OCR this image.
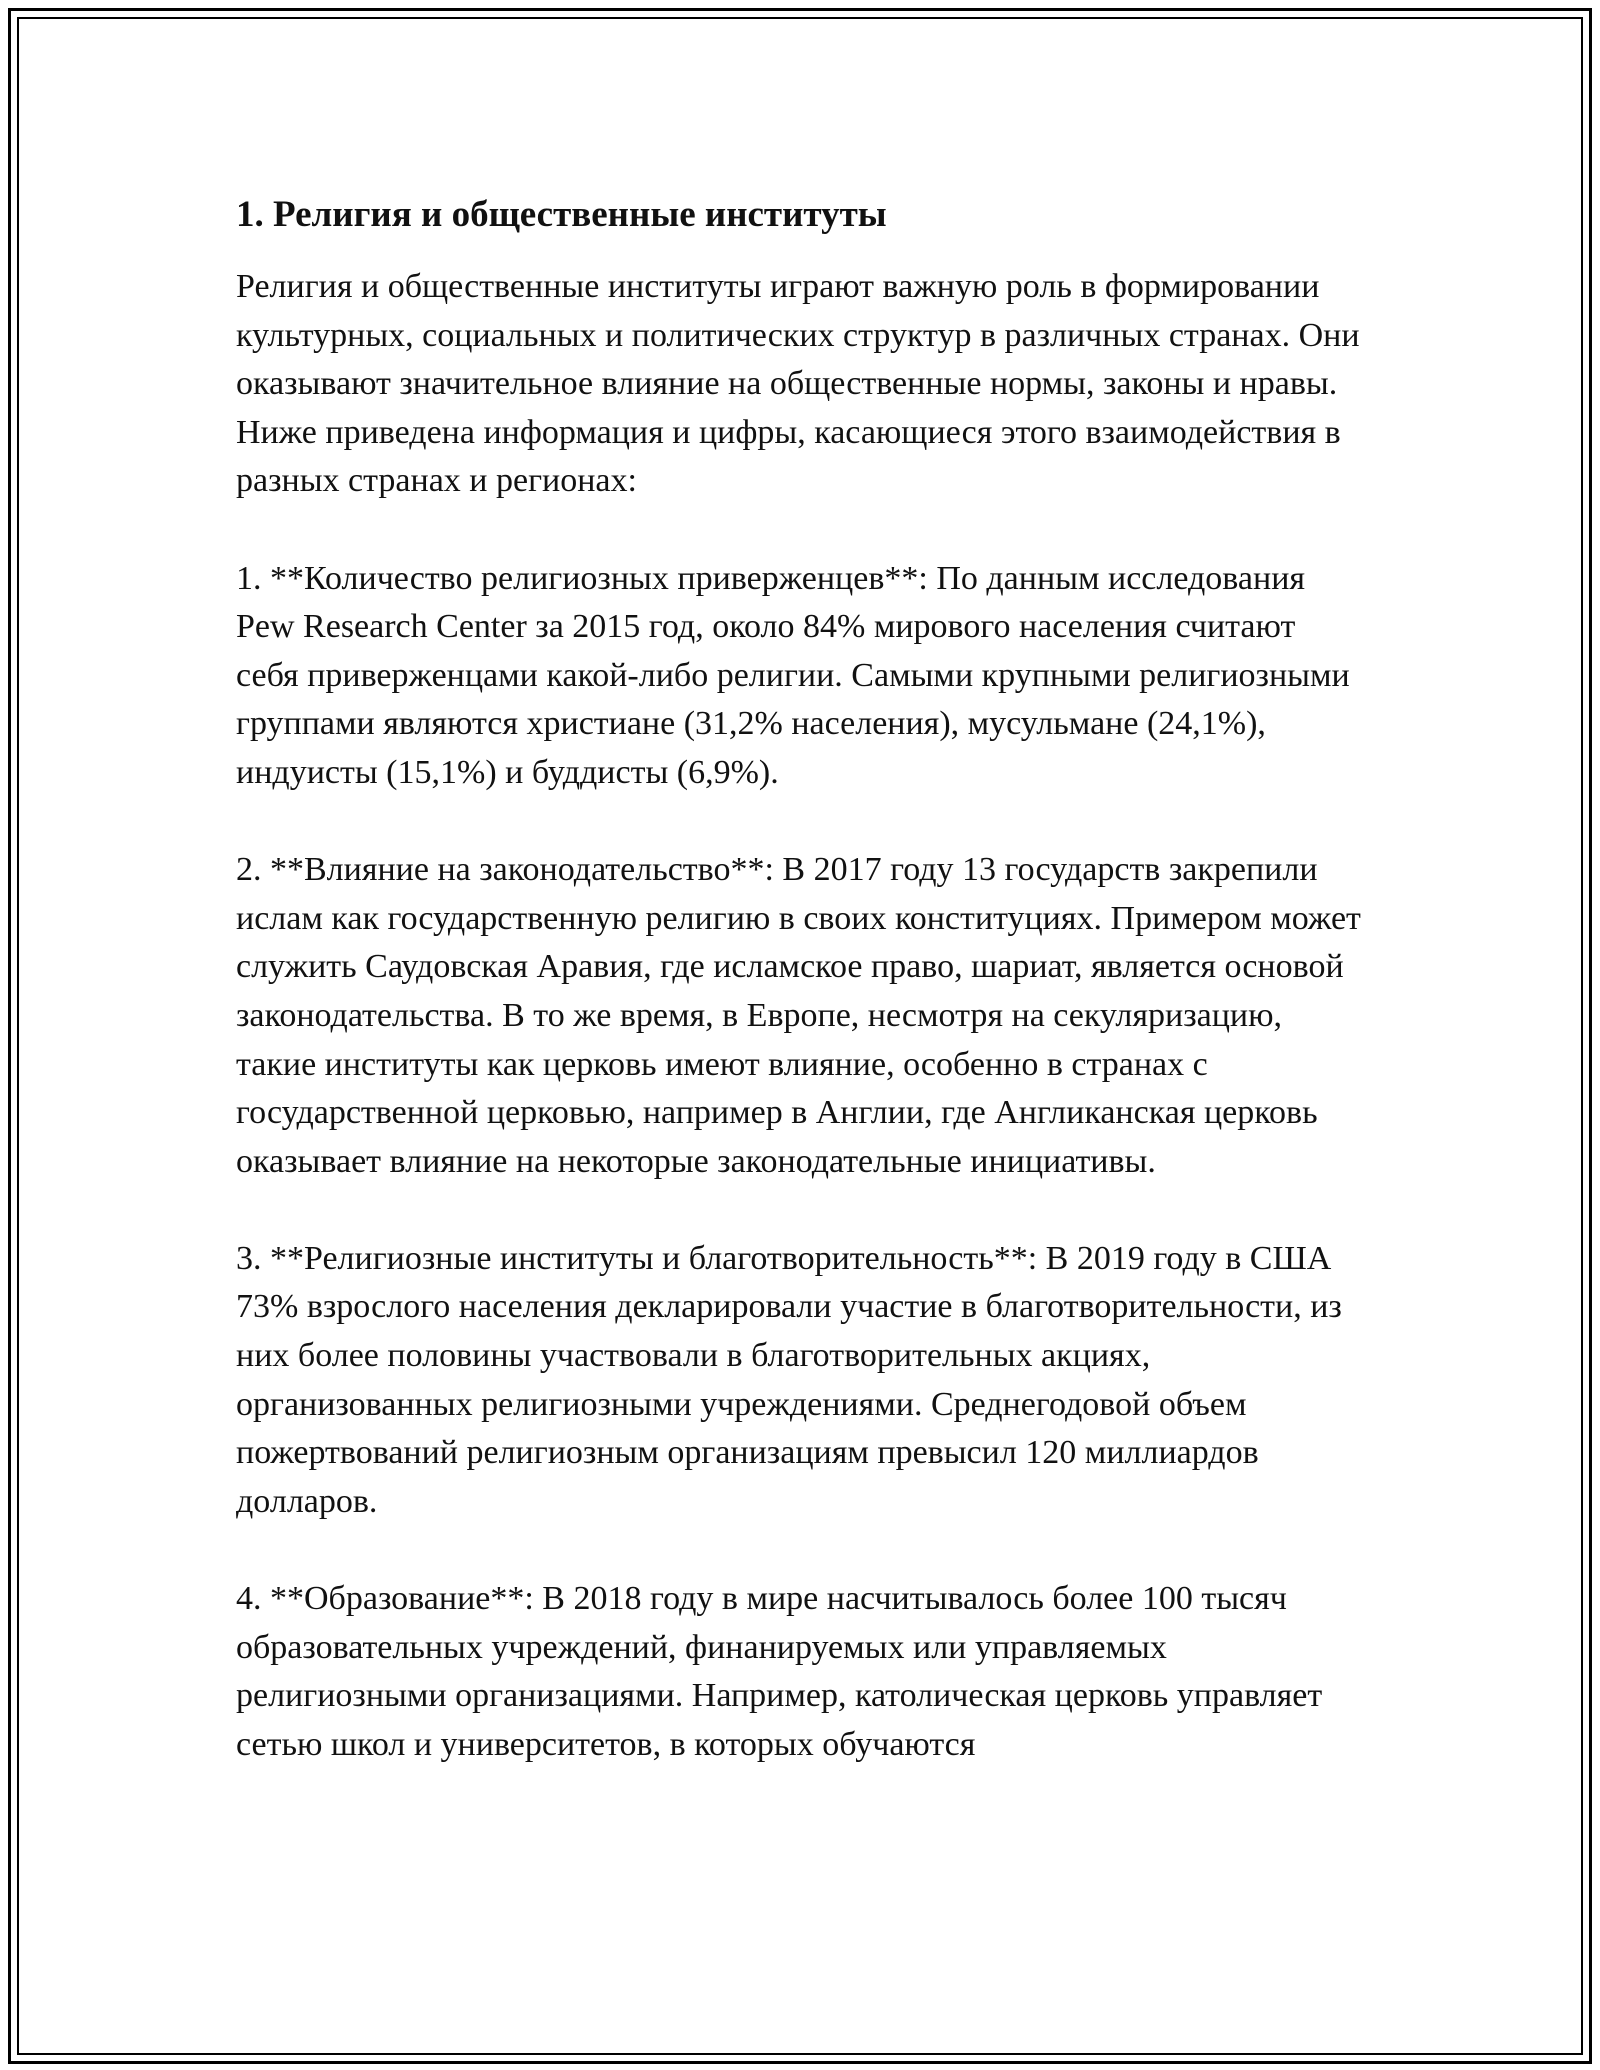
1. Религия и общественные институты

Религия и общественные институты играют важную роль в формировании культурных, социальных и политических структур в различных странах. Они оказывают значительное влияние на общественные нормы, законы и нравы. Ниже приведена информация и цифры, касающиеся этого взаимодействия в разных странах и регионах:

1. **Количество религиозных приверженцев**: По данным исследования Pew Research Center за 2015 год, около 84% мирового населения считают себя приверженцами какой-либо религии. Самыми крупными религиозными группами являются христиане (31,2% населения), мусульмане (24,1%), индуисты (15,1%) и буддисты (6,9%).

2. **Влияние на законодательство**: В 2017 году 13 государств закрепили ислам как государственную религию в своих конституциях. Примером может служить Саудовская Аравия, где исламское право, шариат, является основой законодательства. В то же время, в Европе, несмотря на секуляризацию, такие институты как церковь имеют влияние, особенно в странах с государственной церковью, например в Англии, где Англиканская церковь оказывает влияние на некоторые законодательные инициативы.

3. **Религиозные институты и благотворительность**: В 2019 году в США 73% взрослого населения декларировали участие в благотворительности, из них более половины участвовали в благотворительных акциях, организованных религиозными учреждениями. Среднегодовой объем пожертвований религиозным организациям превысил 120 миллиардов долларов.

4. **Образование**: В 2018 году в мире насчитывалось более 100 тысяч образовательных учреждений, финанируемых или управляемых религиозными организациями. Например, католическая церковь управляет сетью школ и университетов, в которых обучаются
